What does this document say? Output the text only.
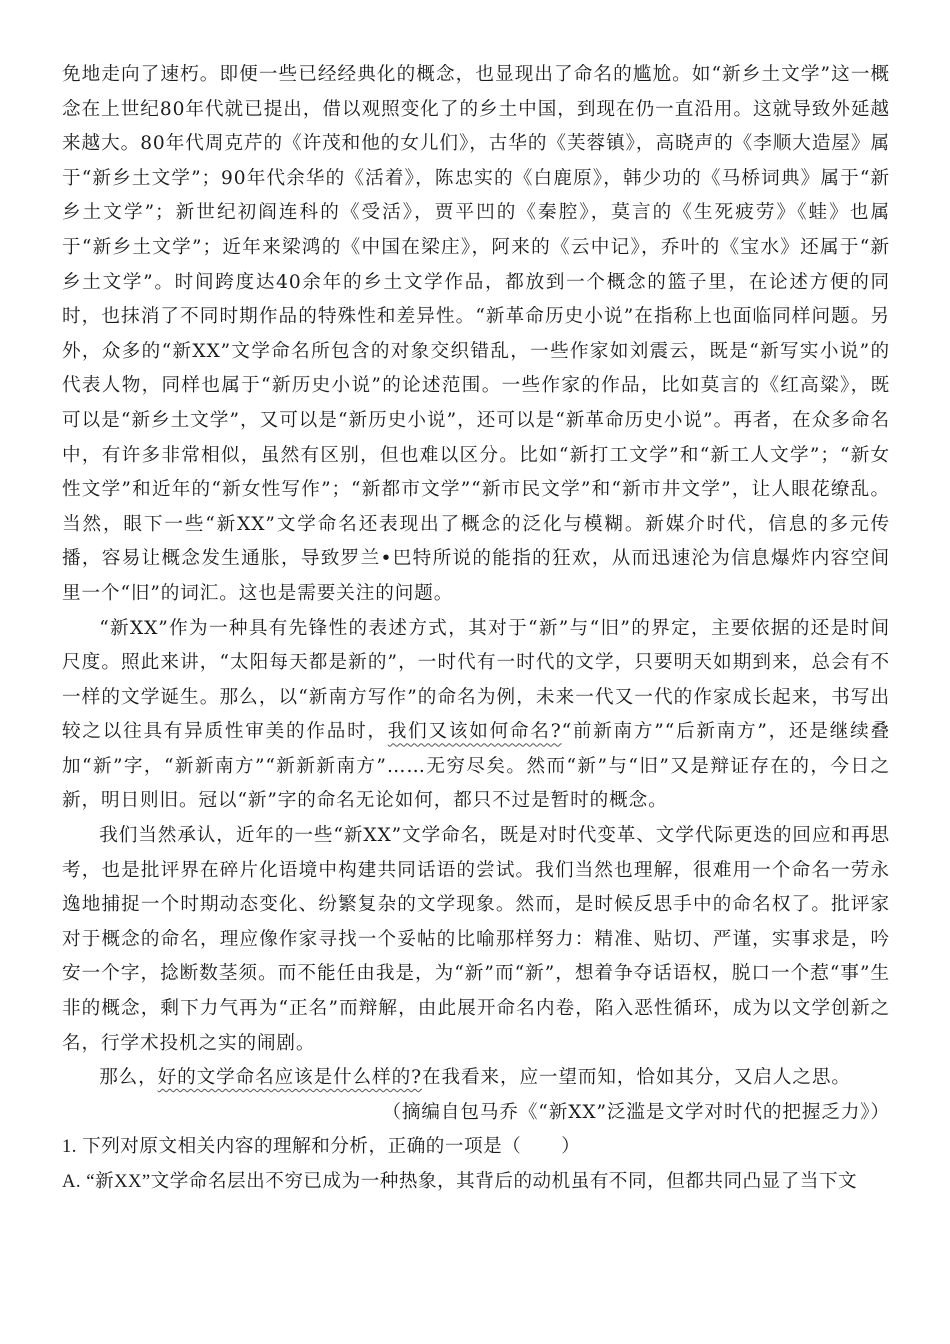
免地走向了速朽。即便一些已经经典化的概念，也显现出了命名的尴尬。如“新乡土文学”这一概念在上世纪80年代就已提出，借以观照变化了的乡土中国，到现在仍一直沿用。这就导致外延越来越大。80年代周克芹的《许茂和他的女儿们》，古华的《芙蓉镇》，高晓声的《李顺大造屋》属于“新乡土文学”；90年代余华的《活着》，陈忠实的《白鹿原》，韩少功的《马桥词典》属于“新乡土文学”；新世纪初阎连科的《受活》，贾平凹的《秦腔》，莫言的《生死疲劳》《蛙》也属于“新乡土文学”；近年来梁鸿的《中国在梁庄》，阿来的《云中记》，乔叶的《宝水》还属于“新乡土文学”。时间跨度达40余年的乡土文学作品，都放到一个概念的篮子里，在论述方便的同时，也抹消了不同时期作品的特殊性和差异性。“新革命历史小说”在指称上也面临同样问题。另外，众多的“新XX”文学命名所包含的对象交织错乱，一些作家如刘震云，既是“新写实小说”的代表人物，同样也属于“新历史小说”的论述范围。一些作家的作品，比如莫言的《红高粱》，既可以是“新乡土文学”，又可以是“新历史小说”，还可以是“新革命历史小说”。再者，在众多命名中，有许多非常相似，虽然有区别，但也难以区分。比如“新打工文学”和“新工人文学”；“新女性文学”和近年的“新女性写作”；“新都市文学”“新市民文学”和“新市井文学”，让人眼花缭乱。当然，眼下一些“新XX”文学命名还表现出了概念的泛化与模糊。新媒介时代，信息的多元传播，容易让概念发生通胀，导致罗兰•巴特所说的能指的狂欢，从而迅速沦为信息爆炸内容空间里一个“旧”的词汇。这也是需要关注的问题。

“新XX”作为一种具有先锋性的表述方式，其对于“新”与“旧”的界定，主要依据的还是时间尺度。照此来讲，“太阳每天都是新的”，一时代有一时代的文学，只要明天如期到来，总会有不一样的文学诞生。那么，以“新南方写作”的命名为例，未来一代又一代的作家成长起来，书写出较之以往具有异质性审美的作品时，我们又该如何命名?“前新南方”“后新南方”，还是继续叠加“新”字，“新新南方”“新新新南方”……无穷尽矣。然而“新”与“旧”又是辩证存在的，今日之新，明日则旧。冠以“新”字的命名无论如何，都只不过是暂时的概念。

我们当然承认，近年的一些“新XX”文学命名，既是对时代变革、文学代际更迭的回应和再思考，也是批评界在碎片化语境中构建共同话语的尝试。我们当然也理解，很难用一个命名一劳永逸地捕捉一个时期动态变化、纷繁复杂的文学现象。然而，是时候反思手中的命名权了。批评家对于概念的命名，理应像作家寻找一个妥帖的比喻那样努力：精准、贴切、严谨，实事求是，吟安一个字，捻断数茎须。而不能任由我是，为“新”而“新”，想着争夺话语权，脱口一个惹“事”生非的概念，剩下力气再为“正名”而辩解，由此展开命名内卷，陷入恶性循环，成为以文学创新之名，行学术投机之实的闹剧。

那么，好的文学命名应该是什么样的?在我看来，应一望而知，恰如其分，又启人之思。

（摘编自包马乔《“新XX”泛滥是文学对时代的把握乏力》）

1. 下列对原文相关内容的理解和分析，正确的一项是（ ）

A. “新XX”文学命名层出不穷已成为一种热象，其背后的动机虽有不同，但都共同凸显了当下文
